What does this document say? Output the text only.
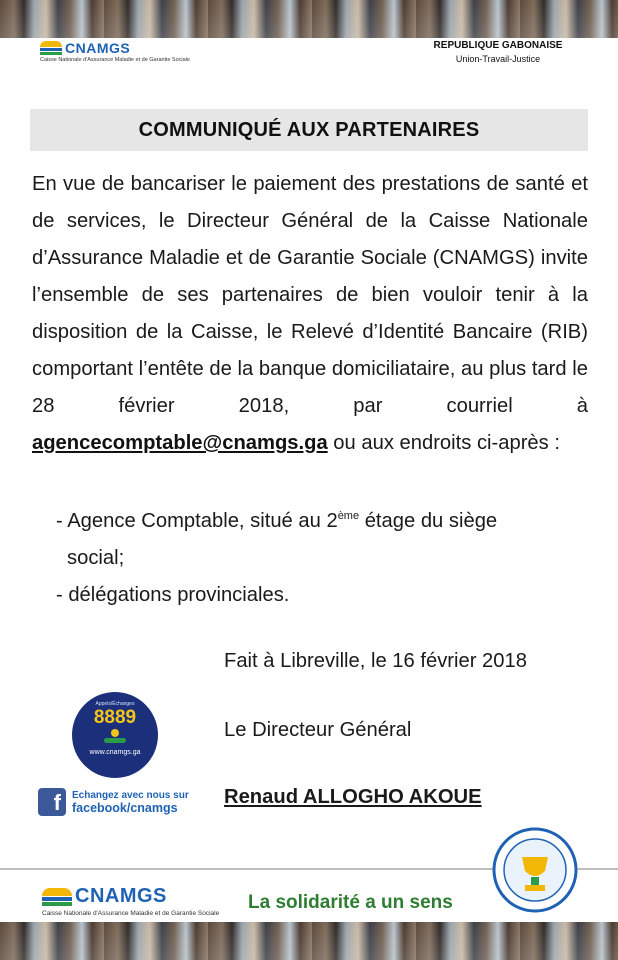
CNAMGS
Caisse Nationale d'Assurance Maladie et de Garantie Sociale
REPUBLIQUE GABONAISE
Union-Travail-Justice
COMMUNIQUÉ AUX PARTENAIRES
En vue de bancariser le paiement des prestations de santé et de services, le Directeur Général de la Caisse Nationale d’Assurance Maladie et de Garantie Sociale (CNAMGS) invite l’ensemble de ses partenaires de bien vouloir tenir à la disposition de la Caisse, le Relevé d’Identité Bancaire (RIB) comportant l’entête de la banque domiciliataire, au plus tard le 28 février 2018, par courriel à agencecomptable@cnamgs.ga ou aux endroits ci-après :
- Agence Comptable, situé au 2ème étage du siège
social;
- délégations provinciales.
Fait à Libreville, le 16 février 2018
Le Directeur Général
Renaud ALLOGHO AKOUE
Appels/Échanges
8889
www.cnamgs.ga
f	Echangez avec nous sur
facebook/cnamgs
CNAMGS
Caisse Nationale d'Assurance Maladie et de Garantie Sociale
La solidarité a un sens
